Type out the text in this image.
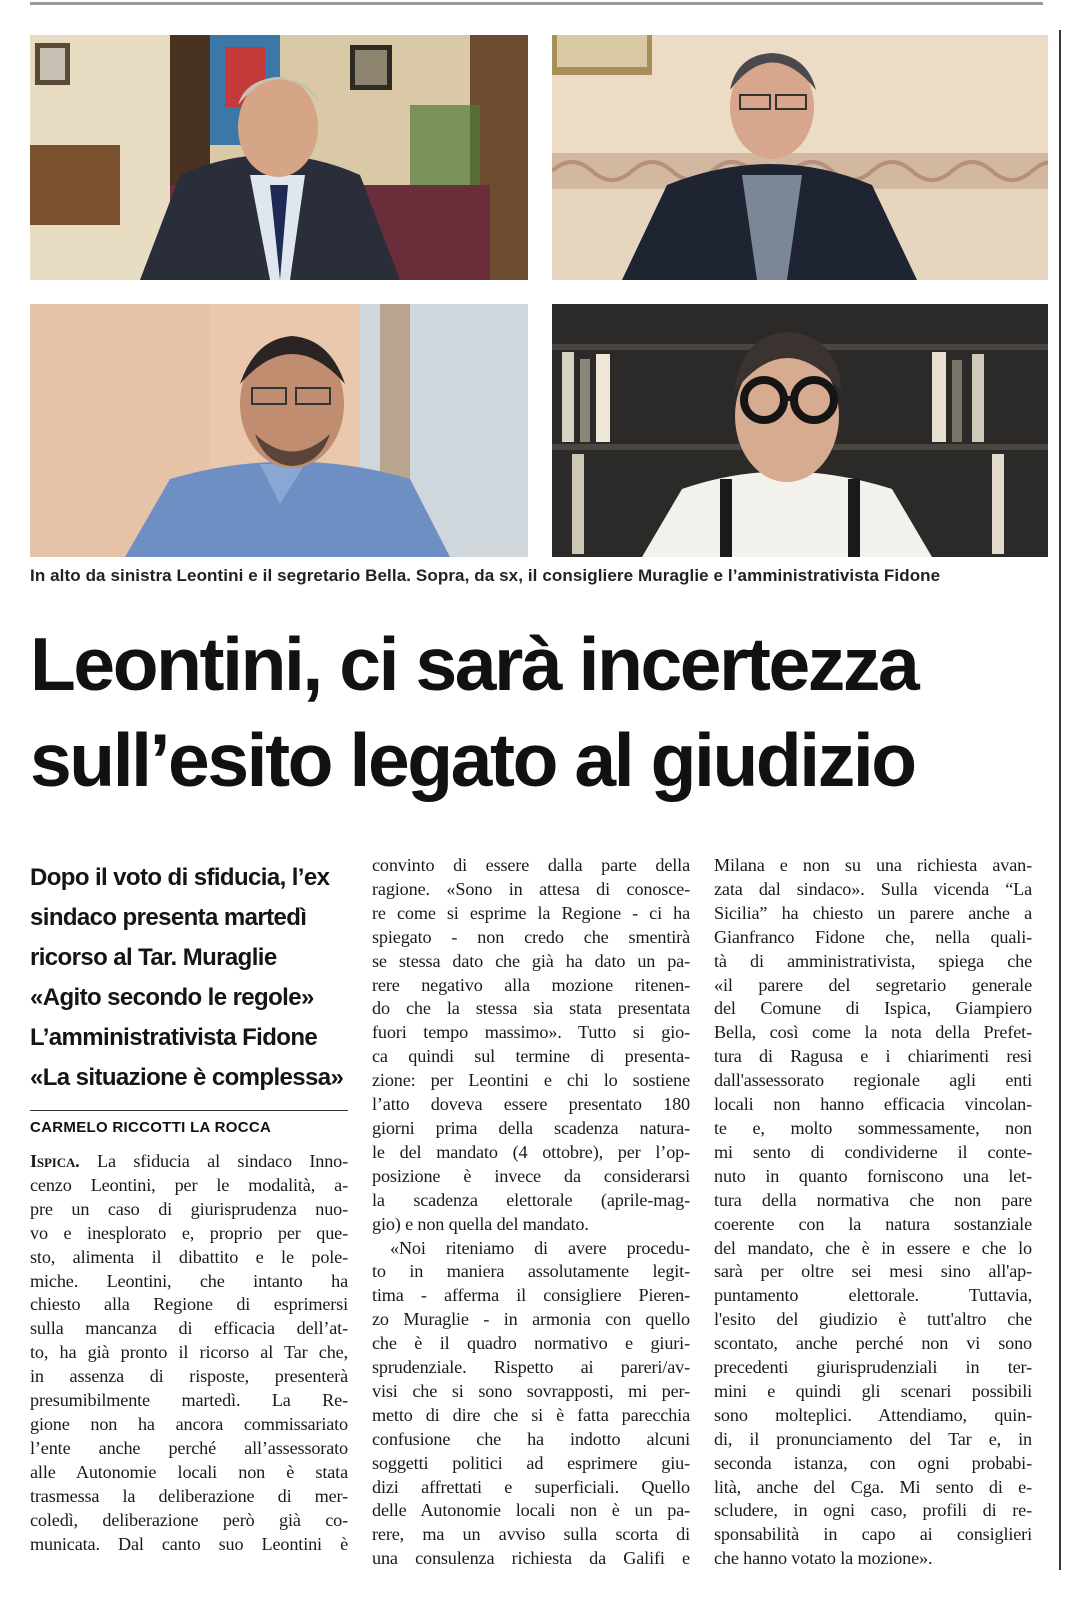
In alto da sinistra Leontini e il segretario Bella. Sopra, da sx, il consigliere Muraglie e l’amministrativista Fidone
Leontini, ci sarà incertezza
sull’esito legato al giudizio
Dopo il voto di sfiducia, l’ex
sindaco presenta martedì
ricorso al Tar. Muraglie
«Agito secondo le regole»
L’amministrativista Fidone
«La situazione è complessa»
CARMELO RICCOTTI LA ROCCA
Ispica. La sfiducia al sindaco Inno-
cenzo Leontini, per le modalità, a-
pre un caso di giurisprudenza nuo-
vo e inesplorato e, proprio per que-
sto, alimenta il dibattito e le pole-
miche. Leontini, che intanto ha
chiesto alla Regione di esprimersi
sulla mancanza di efficacia dell’at-
to, ha già pronto il ricorso al Tar che,
in assenza di risposte, presenterà
presumibilmente martedì. La Re-
gione non ha ancora commissariato
l’ente anche perché all’assessorato
alle Autonomie locali non è stata
trasmessa la deliberazione di mer-
coledì, deliberazione però già co-
municata. Dal canto suo Leontini è
convinto di essere dalla parte della
ragione. «Sono in attesa di conosce-
re come si esprime la Regione - ci ha
spiegato - non credo che smentirà
se stessa dato che già ha dato un pa-
rere negativo alla mozione ritenen-
do che la stessa sia stata presentata
fuori tempo massimo». Tutto si gio-
ca quindi sul termine di presenta-
zione: per Leontini e chi lo sostiene
l’atto doveva essere presentato 180
giorni prima della scadenza natura-
le del mandato (4 ottobre), per l’op-
posizione è invece da considerarsi
la scadenza elettorale (aprile-mag-
gio) e non quella del mandato.
«Noi riteniamo di avere procedu-
to in maniera assolutamente legit-
tima - afferma il consigliere Pieren-
zo Muraglie - in armonia con quello
che è il quadro normativo e giuri-
sprudenziale. Rispetto ai pareri/av-
visi che si sono sovrapposti, mi per-
metto di dire che si è fatta parecchia
confusione che ha indotto alcuni
soggetti politici ad esprimere giu-
dizi affrettati e superficiali. Quello
delle Autonomie locali non è un pa-
rere, ma un avviso sulla scorta di
una consulenza richiesta da Galifi e
Milana e non su una richiesta avan-
zata dal sindaco». Sulla vicenda “La
Sicilia” ha chiesto un parere anche a
Gianfranco Fidone che, nella quali-
tà di amministrativista, spiega che
«il parere del segretario generale
del Comune di Ispica, Giampiero
Bella, così come la nota della Prefet-
tura di Ragusa e i chiarimenti resi
dall'assessorato regionale agli enti
locali non hanno efficacia vincolan-
te e, molto sommessamente, non
mi sento di condividerne il conte-
nuto in quanto forniscono una let-
tura della normativa che non pare
coerente con la natura sostanziale
del mandato, che è in essere e che lo
sarà per oltre sei mesi sino all'ap-
puntamento elettorale. Tuttavia,
l'esito del giudizio è tutt'altro che
scontato, anche perché non vi sono
precedenti giurisprudenziali in ter-
mini e quindi gli scenari possibili
sono molteplici. Attendiamo, quin-
di, il pronunciamento del Tar e, in
seconda istanza, con ogni probabi-
lità, anche del Cga. Mi sento di e-
scludere, in ogni caso, profili di re-
sponsabilità in capo ai consiglieri
che hanno votato la mozione».
